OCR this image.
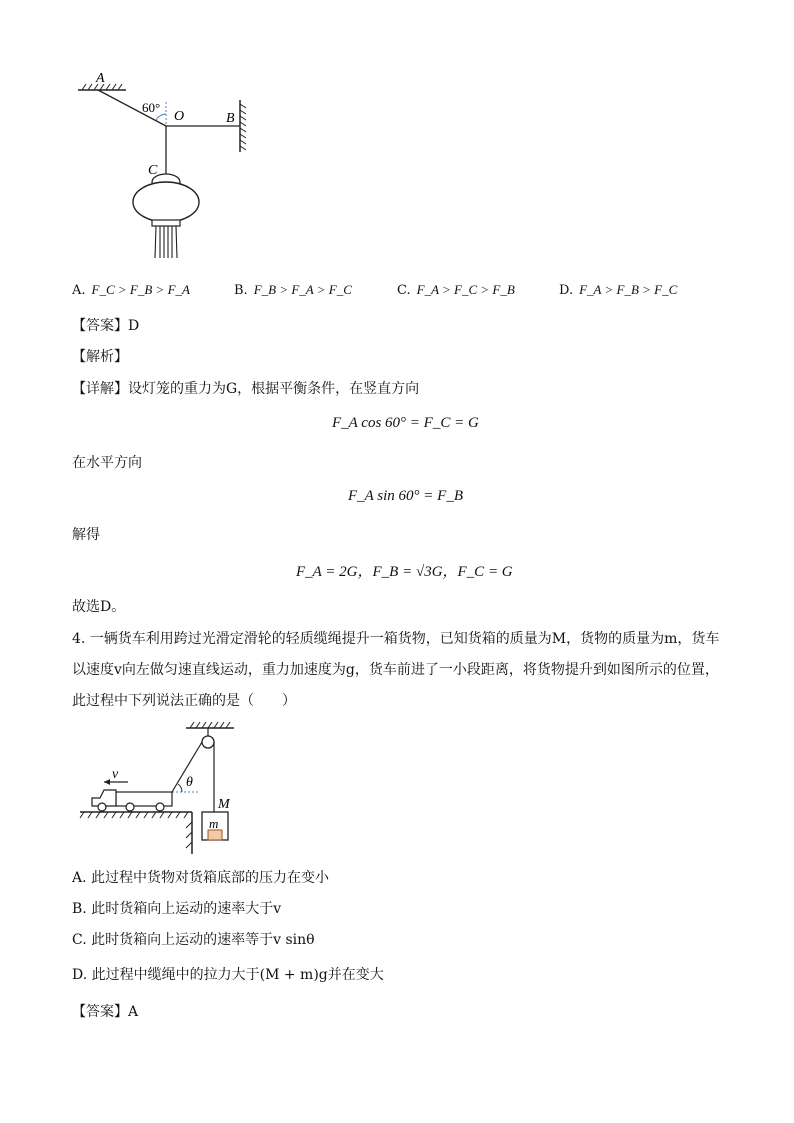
A
O	B
C
60°
A. F_C > F_B > F_A	B. F_B > F_A > F_C	C. F_A > F_C > F_B	D. F_A > F_B > F_C
【答案】D
【解析】
【详解】设灯笼的重力为G，根据平衡条件，在竖直方向
F_A cos 60° = F_C = G
在水平方向
F_A sin 60° = F_B
解得
F_A = 2G，F_B = √3G，F_C = G
故选D。
4. 一辆货车利用跨过光滑定滑轮的轻质缆绳提升一箱货物，已知货箱的质量为M，货物的质量为m，货车
以速度v向左做匀速直线运动，重力加速度为g，货车前进了一小段距离，将货物提升到如图所示的位置，
此过程中下列说法正确的是（　　）
v
θ
M
m
A. 此过程中货物对货箱底部的压力在变小
B. 此时货箱向上运动的速率大于v
C. 此时货箱向上运动的速率等于v sinθ
D. 此过程中缆绳中的拉力大于(M + m)g并在变大
【答案】A
